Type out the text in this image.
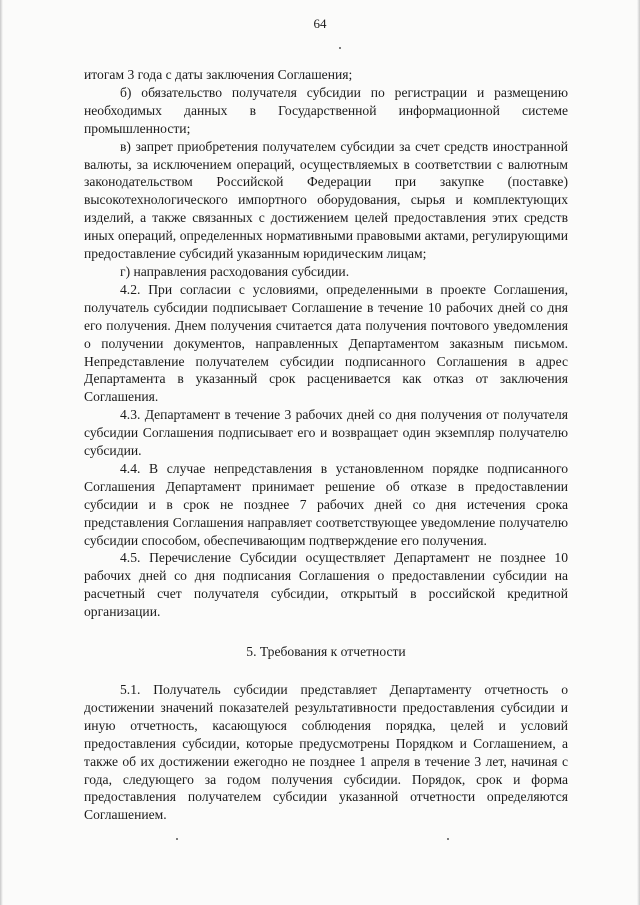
64

итогам 3 года с даты заключения Соглашения;

б) обязательство получателя субсидии по регистрации и размещению необходимых данных в Государственной информационной системе промышленности;

в) запрет приобретения получателем субсидии за счет средств иностранной валюты, за исключением операций, осуществляемых в соответствии с валютным законодательством Российской Федерации при закупке (поставке) высокотехнологического импортного оборудования, сырья и комплектующих изделий, а также связанных с достижением целей предоставления этих средств иных операций, определенных нормативными правовыми актами, регулирующими предоставление субсидий указанным юридическим лицам;

г) направления расходования субсидии.

4.2. При согласии с условиями, определенными в проекте Соглашения, получатель субсидии подписывает Соглашение в течение 10 рабочих дней со дня его получения. Днем получения считается дата получения почтового уведомления о получении документов, направленных Департаментом заказным письмом. Непредставление получателем субсидии подписанного Соглашения в адрес Департамента в указанный срок расценивается как отказ от заключения Соглашения.

4.3. Департамент в течение 3 рабочих дней со дня получения от получателя субсидии Соглашения подписывает его и возвращает один экземпляр получателю субсидии.

4.4. В случае непредставления в установленном порядке подписанного Соглашения Департамент принимает решение об отказе в предоставлении субсидии и в срок не позднее 7 рабочих дней со дня истечения срока представления Соглашения направляет соответствующее уведомление получателю субсидии способом, обеспечивающим подтверждение его получения.

4.5. Перечисление Субсидии осуществляет Департамент не позднее 10 рабочих дней со дня подписания Соглашения о предоставлении субсидии на расчетный счет получателя субсидии, открытый в российской кредитной организации.

5. Требования к отчетности

5.1. Получатель субсидии представляет Департаменту отчетность о достижении значений показателей результативности предоставления субсидии и иную отчетность, касающуюся соблюдения порядка, целей и условий предоставления субсидии, которые предусмотрены Порядком и Соглашением, а также об их достижении ежегодно не позднее 1 апреля в течение 3 лет, начиная с года, следующего за годом получения субсидии. Порядок, срок и форма предоставления получателем субсидии указанной отчетности определяются Соглашением.
